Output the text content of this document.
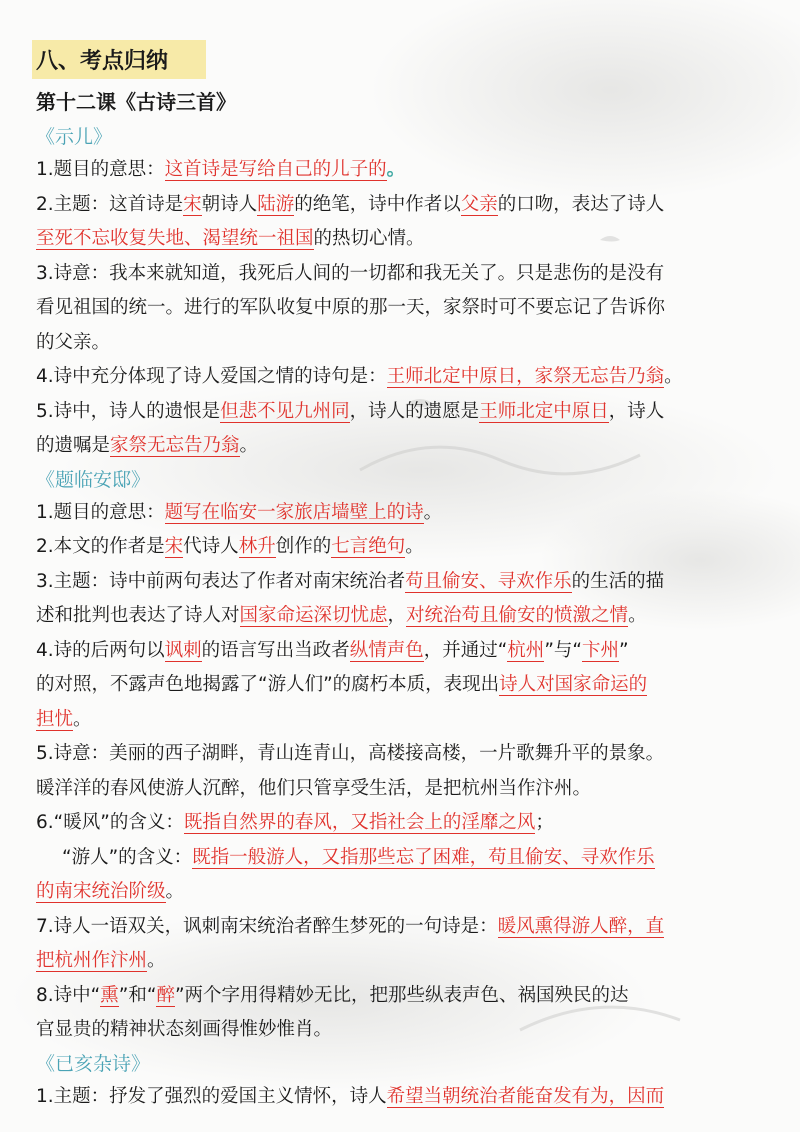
八、考点归纳
第十二课《古诗三首》
《示儿》

1.题目的意思：这首诗是写给自己的儿子的。

2.主题：这首诗是宋朝诗人陆游的绝笔，诗中作者以父亲的口吻，表达了诗人

至死不忘收复失地、渴望统一祖国的热切心情。

3.诗意：我本来就知道，我死后人间的一切都和我无关了。只是悲伤的是没有

看见祖国的统一。进行的军队收复中原的那一天，家祭时可不要忘记了告诉你

的父亲。

4.诗中充分体现了诗人爱国之情的诗句是：王师北定中原日，家祭无忘告乃翁。

5.诗中，诗人的遗恨是但悲不见九州同，诗人的遗愿是王师北定中原日，诗人

的遗嘱是家祭无忘告乃翁。

《题临安邸》

1.题目的意思：题写在临安一家旅店墙壁上的诗。

2.本文的作者是宋代诗人林升创作的七言绝句。

3.主题：诗中前两句表达了作者对南宋统治者苟且偷安、寻欢作乐的生活的描

述和批判也表达了诗人对国家命运深切忧虑，对统治苟且偷安的愤激之情。

4.诗的后两句以讽刺的语言写出当政者纵情声色，并通过“杭州”与“卞州”

的对照，不露声色地揭露了“游人们”的腐朽本质，表现出诗人对国家命运的

担忧。

5.诗意：美丽的西子湖畔，青山连青山，高楼接高楼，一片歌舞升平的景象。

暖洋洋的春风使游人沉醉，他们只管享受生活，是把杭州当作汴州。

6.“暖风”的含义：既指自然界的春风，又指社会上的淫靡之风；

“游人”的含义：既指一般游人，又指那些忘了困难，苟且偷安、寻欢作乐

的南宋统治阶级。

7.诗人一语双关，讽刺南宋统治者醉生梦死的一句诗是：暖风熏得游人醉，直

把杭州作汴州。

8.诗中“熏”和“醉”两个字用得精妙无比，把那些纵表声色、祸国殃民的达

官显贵的精神状态刻画得惟妙惟肖。

《已亥杂诗》

1.主题：抒发了强烈的爱国主义情怀，诗人希望当朝统治者能奋发有为，因而
